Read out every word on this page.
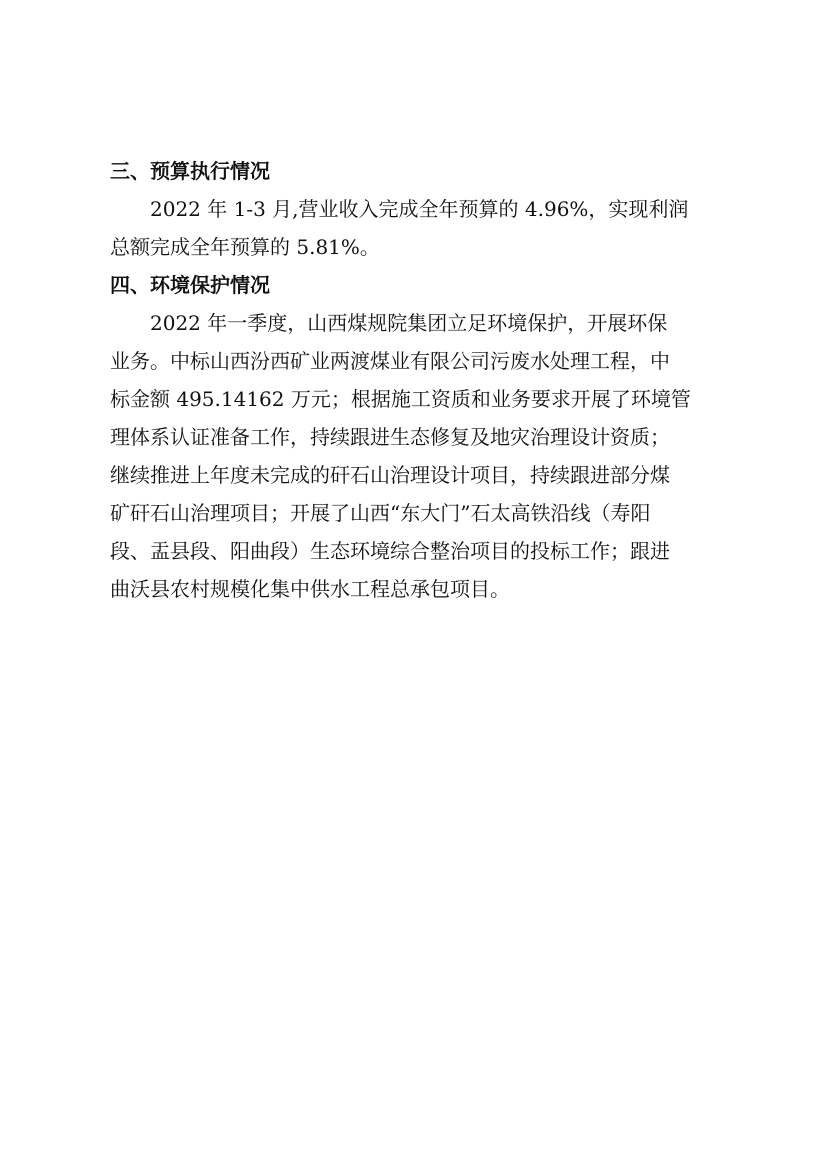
三、预算执行情况
2022 年 1-3 月,营业收入完成全年预算的 4.96%，实现利润
总额完成全年预算的 5.81%。
四、环境保护情况
2022 年一季度，山西煤规院集团立足环境保护，开展环保
业务。中标山西汾西矿业两渡煤业有限公司污废水处理工程，中
标金额 495.14162 万元；根据施工资质和业务要求开展了环境管
理体系认证准备工作，持续跟进生态修复及地灾治理设计资质；
继续推进上年度未完成的矸石山治理设计项目，持续跟进部分煤
矿矸石山治理项目；开展了山西“东大门”石太高铁沿线（寿阳
段、盂县段、阳曲段）生态环境综合整治项目的投标工作；跟进
曲沃县农村规模化集中供水工程总承包项目。
